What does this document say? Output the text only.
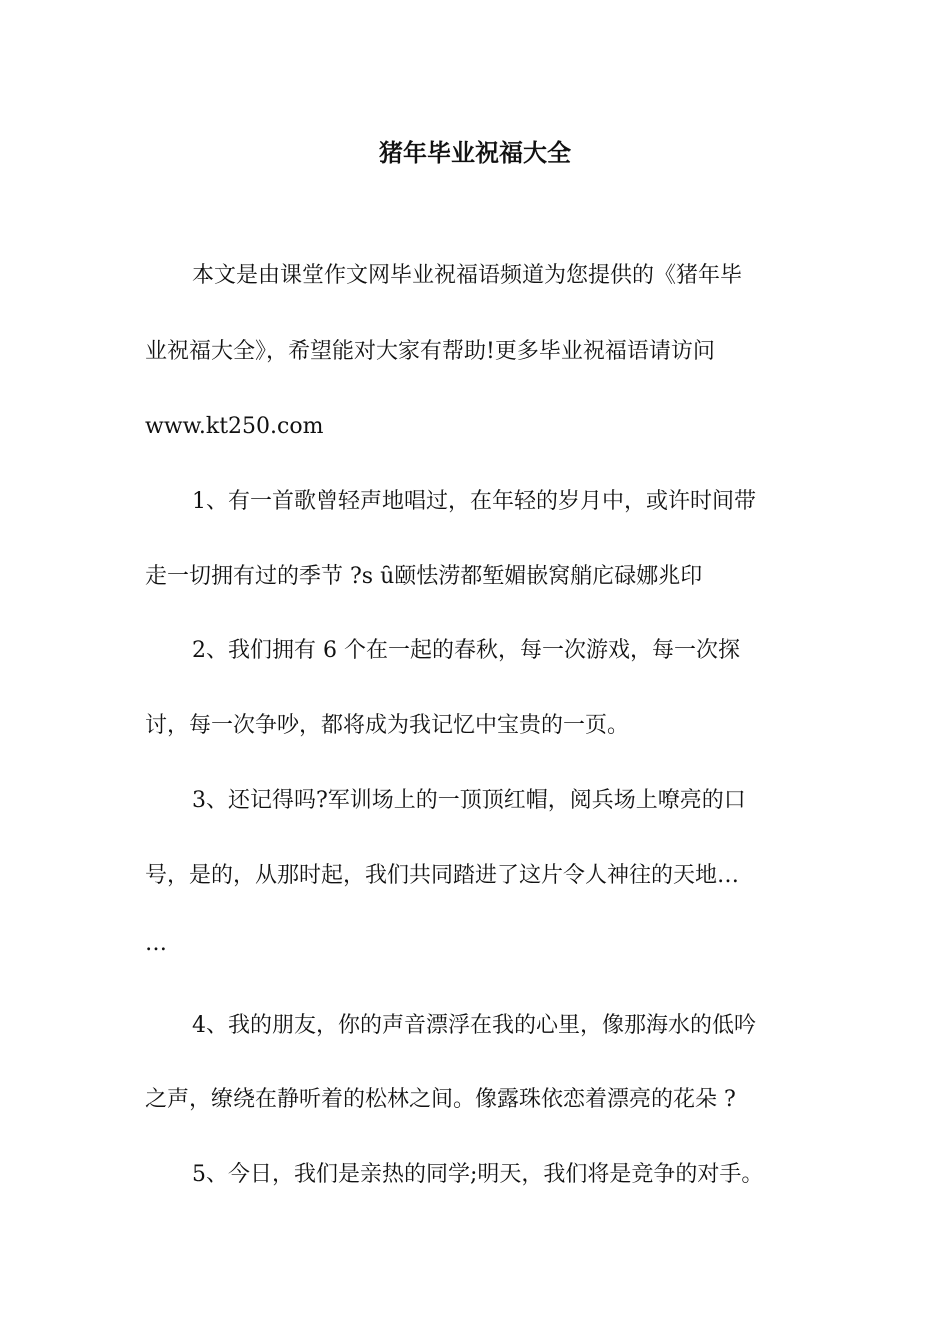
猪年毕业祝福大全
本文是由课堂作文网毕业祝福语频道为您提供的《猪年毕
业祝福大全》，希望能对大家有帮助!更多毕业祝福语请访问
www.kt250.com
1、有一首歌曾轻声地唱过，在年轻的岁月中，或许时间带
走一切拥有过的季节 ?s ȗ颐怯涝都堑媚嵌窝艄庀碌娜兆印
2、我们拥有 6 个在一起的春秋，每一次游戏，每一次探
讨，每一次争吵，都将成为我记忆中宝贵的一页。
3、还记得吗?军训场上的一顶顶红帽，阅兵场上嘹亮的口
号，是的，从那时起，我们共同踏进了这片令人神往的天地…
…
4、我的朋友，你的声音漂浮在我的心里，像那海水的低吟
之声，缭绕在静听着的松林之间。像露珠依恋着漂亮的花朵 ?
5、今日，我们是亲热的同学;明天，我们将是竞争的对手。
